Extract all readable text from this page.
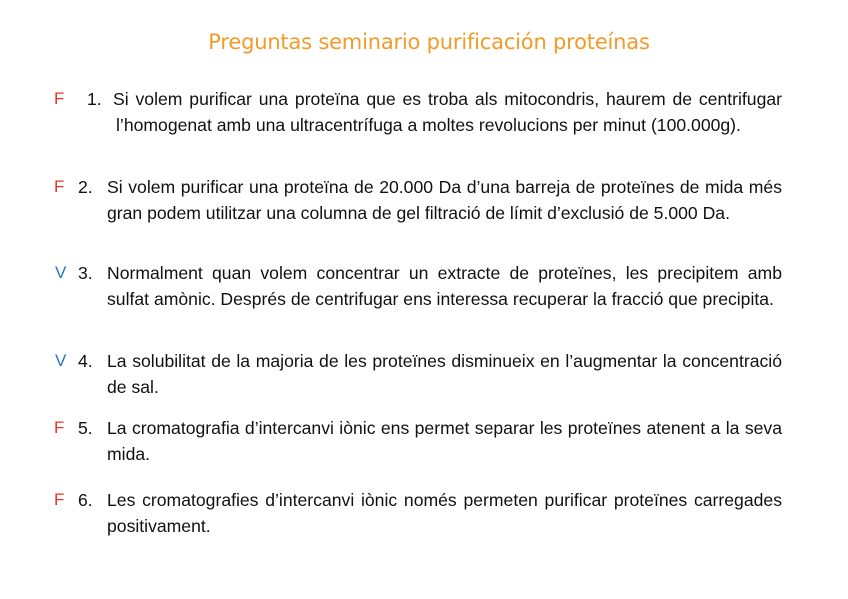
Preguntas seminario purificación proteínas
F 1. Si volem purificar una proteïna que es troba als mitocondris, haurem de centrifugar l’homogenat amb una ultracentrífuga a moltes revolucions per minut (100.000g).
F 2. Si volem purificar una proteïna de 20.000 Da d’una barreja de proteïnes de mida més gran podem utilitzar una columna de gel filtració de límit d’exclusió de 5.000 Da.
V 3. Normalment quan volem concentrar un extracte de proteïnes, les precipitem amb sulfat amònic. Després de centrifugar ens interessa recuperar la fracció que precipita.
V 4. La solubilitat de la majoria de les proteïnes disminueix en l’augmentar la concentració de sal.
F 5. La cromatografia d’intercanvi iònic ens permet separar les proteïnes atenent a la seva mida.
F 6. Les cromatografies d’intercanvi iònic només permeten purificar proteïnes carregades positivament.
